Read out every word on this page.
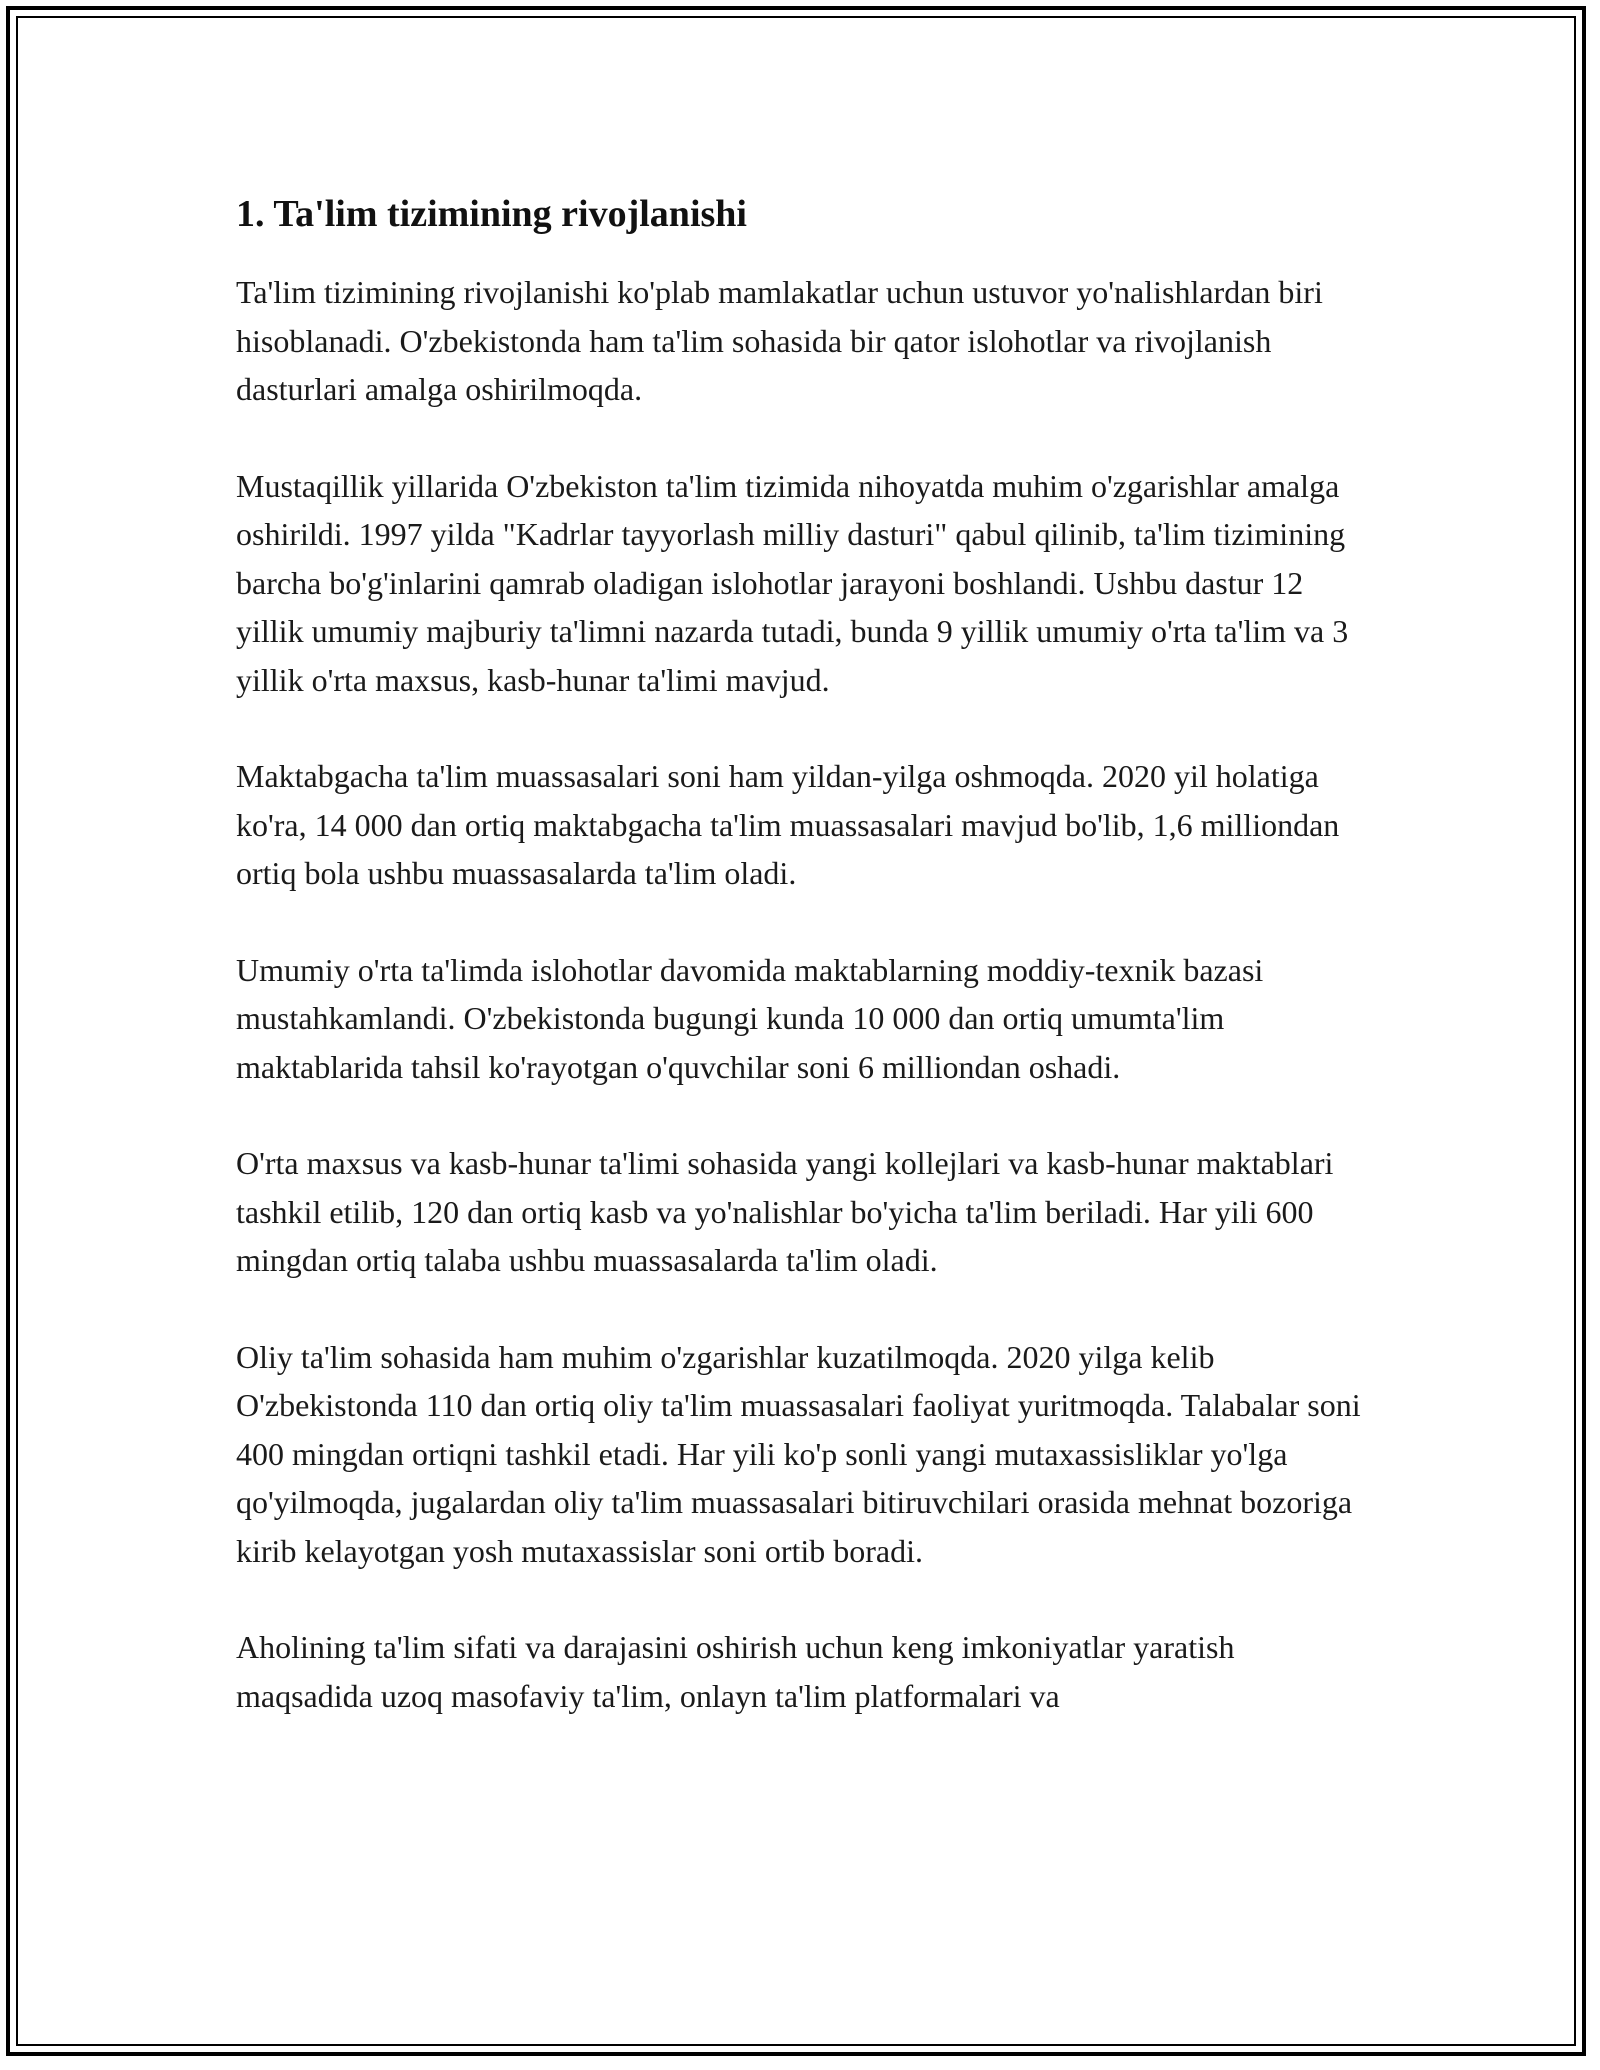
1. Ta'lim tizimining rivojlanishi

Ta'lim tizimining rivojlanishi ko'plab mamlakatlar uchun ustuvor yo'nalishlardan biri hisoblanadi. O'zbekistonda ham ta'lim sohasida bir qator islohotlar va rivojlanish dasturlari amalga oshirilmoqda.

Mustaqillik yillarida O'zbekiston ta'lim tizimida nihoyatda muhim o'zgarishlar amalga oshirildi. 1997 yilda "Kadrlar tayyorlash milliy dasturi" qabul qilinib, ta'lim tizimining barcha bo'g'inlarini qamrab oladigan islohotlar jarayoni boshlandi. Ushbu dastur 12 yillik umumiy majburiy ta'limni nazarda tutadi, bunda 9 yillik umumiy o'rta ta'lim va 3 yillik o'rta maxsus, kasb-hunar ta'limi mavjud.

Maktabgacha ta'lim muassasalari soni ham yildan-yilga oshmoqda. 2020 yil holatiga ko'ra, 14 000 dan ortiq maktabgacha ta'lim muassasalari mavjud bo'lib, 1,6 milliondan ortiq bola ushbu muassasalarda ta'lim oladi.

Umumiy o'rta ta'limda islohotlar davomida maktablarning moddiy-texnik bazasi mustahkamlandi. O'zbekistonda bugungi kunda 10 000 dan ortiq umumta'lim maktablarida tahsil ko'rayotgan o'quvchilar soni 6 milliondan oshadi.

O'rta maxsus va kasb-hunar ta'limi sohasida yangi kollejlari va kasb-hunar maktablari tashkil etilib, 120 dan ortiq kasb va yo'nalishlar bo'yicha ta'lim beriladi. Har yili 600 mingdan ortiq talaba ushbu muassasalarda ta'lim oladi.

Oliy ta'lim sohasida ham muhim o'zgarishlar kuzatilmoqda. 2020 yilga kelib O'zbekistonda 110 dan ortiq oliy ta'lim muassasalari faoliyat yuritmoqda. Talabalar soni 400 mingdan ortiqni tashkil etadi. Har yili ko'p sonli yangi mutaxassisliklar yo'lga qo'yilmoqda, jugalardan oliy ta'lim muassasalari bitiruvchilari orasida mehnat bozoriga kirib kelayotgan yosh mutaxassislar soni ortib boradi.

Aholining ta'lim sifati va darajasini oshirish uchun keng imkoniyatlar yaratish maqsadida uzoq masofaviy ta'lim, onlayn ta'lim platformalari va
